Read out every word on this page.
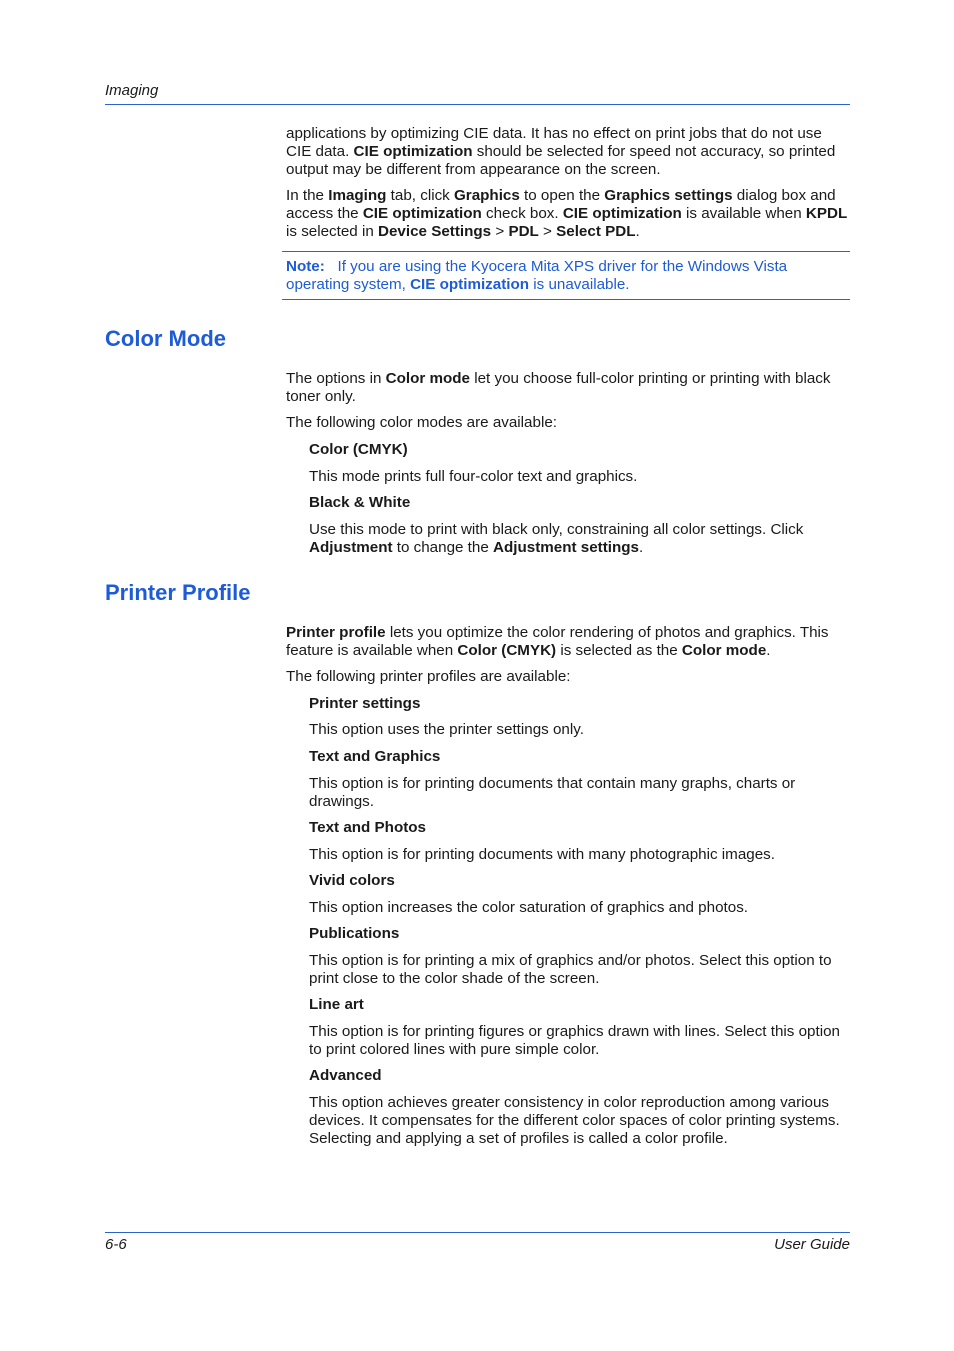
Imaging
applications by optimizing CIE data. It has no effect on print jobs that do not use CIE data. CIE optimization should be selected for speed not accuracy, so printed output may be different from appearance on the screen.
In the Imaging tab, click Graphics to open the Graphics settings dialog box and access the CIE optimization check box. CIE optimization is available when KPDL is selected in Device Settings > PDL > Select PDL.
Note: If you are using the Kyocera Mita XPS driver for the Windows Vista operating system, CIE optimization is unavailable.
Color Mode
The options in Color mode let you choose full-color printing or printing with black toner only.
The following color modes are available:
Color (CMYK)
This mode prints full four-color text and graphics.
Black & White
Use this mode to print with black only, constraining all color settings. Click Adjustment to change the Adjustment settings.
Printer Profile
Printer profile lets you optimize the color rendering of photos and graphics. This feature is available when Color (CMYK) is selected as the Color mode.
The following printer profiles are available:
Printer settings
This option uses the printer settings only.
Text and Graphics
This option is for printing documents that contain many graphs, charts or drawings.
Text and Photos
This option is for printing documents with many photographic images.
Vivid colors
This option increases the color saturation of graphics and photos.
Publications
This option is for printing a mix of graphics and/or photos. Select this option to print close to the color shade of the screen.
Line art
This option is for printing figures or graphics drawn with lines. Select this option to print colored lines with pure simple color.
Advanced
This option achieves greater consistency in color reproduction among various devices. It compensates for the different color spaces of color printing systems. Selecting and applying a set of profiles is called a color profile.
6-6	User Guide
